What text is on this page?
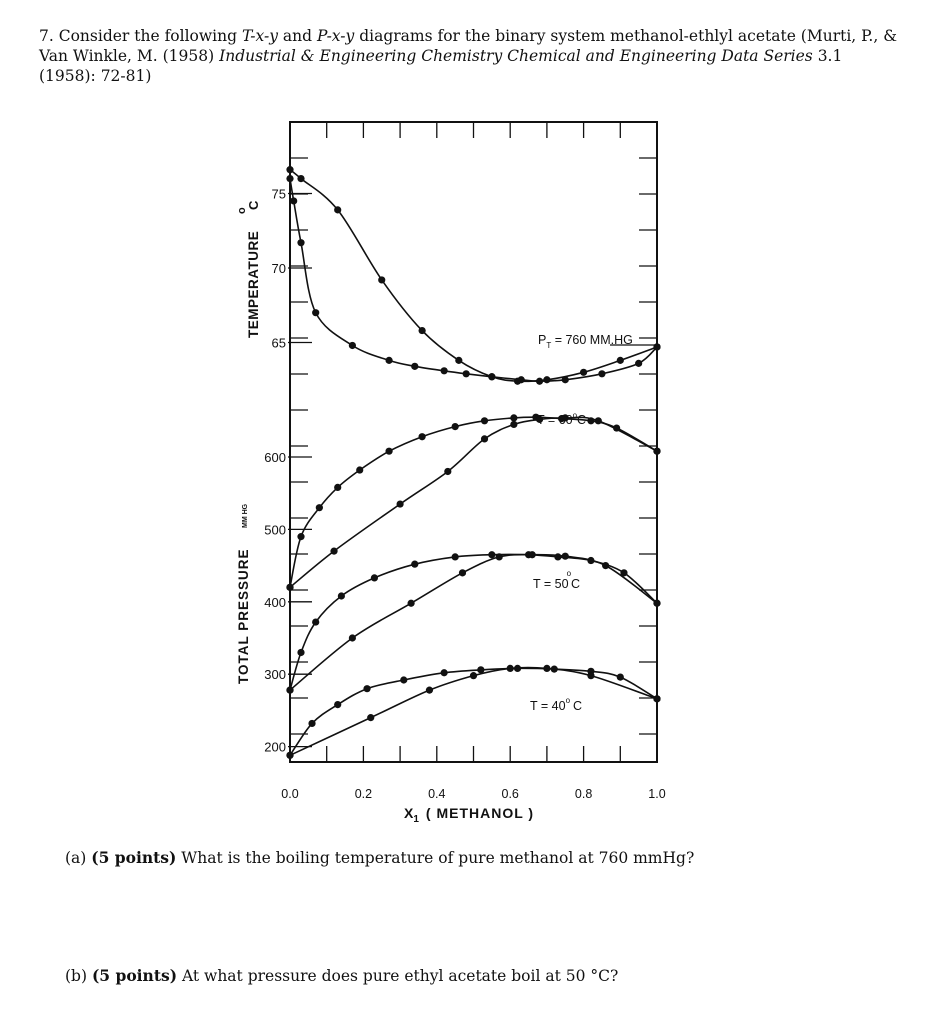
7. Consider the following T-x-y and P-x-y diagrams for the binary system methanol-ethlyl acetate (Murti, P., & Van Winkle, M. (1958) Industrial & Engineering Chemistry Chemical and Engineering Data Series 3.1 (1958): 72-81)
75
70
65
TEMPERATURE
o
C
600
500
400
300
200
TOTAL PRESSURE
MM HG
0.0	0.2	0.4	0.6	0.8	1.0
$X_1$ ( METHANOL )
$P_T = 760$ MM.HG
$T = 60^oC$
T = 50oC
$T = 40^o$ C
(a) (5 points) What is the boiling temperature of pure methanol at 760 mmHg?
(b) (5 points) At what pressure does pure ethyl acetate boil at 50 °C?
